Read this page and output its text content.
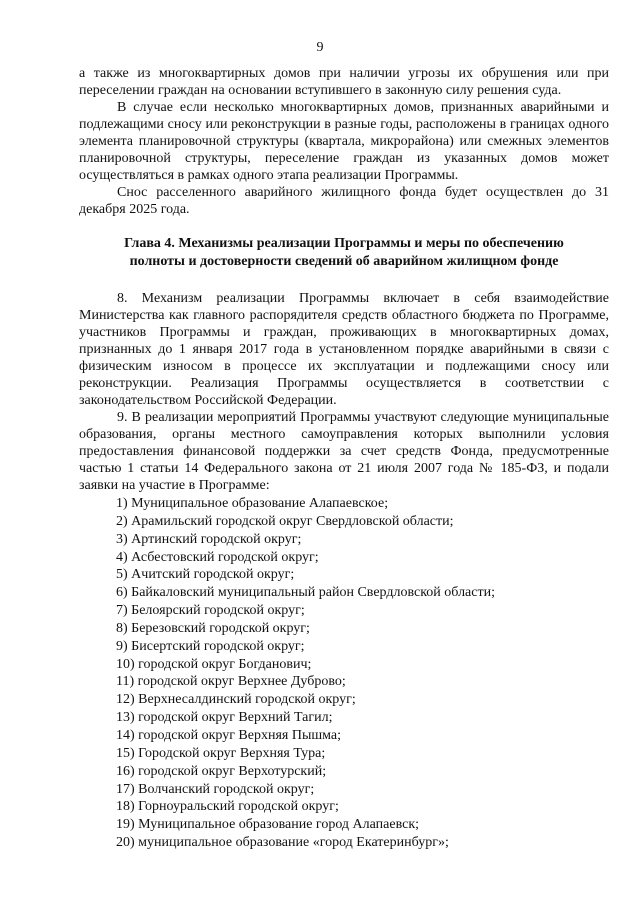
9

а также из многоквартирных домов при наличии угрозы их обрушения или при переселении граждан на основании вступившего в законную силу решения суда.

В случае если несколько многоквартирных домов, признанных аварийными и подлежащими сносу или реконструкции в разные годы, расположены в границах одного элемента планировочной структуры (квартала, микрорайона) или смежных элементов планировочной структуры, переселение граждан из указанных домов может осуществляться в рамках одного этапа реализации Программы.

Снос расселенного аварийного жилищного фонда будет осуществлен до 31 декабря 2025 года.

Глава 4. Механизмы реализации Программы и меры по обеспечению
полноты и достоверности сведений об аварийном жилищном фонде

8. Механизм реализации Программы включает в себя взаимодействие Министерства как главного распорядителя средств областного бюджета по Программе, участников Программы и граждан, проживающих в многоквартирных домах, признанных до 1 января 2017 года в установленном порядке аварийными в связи с физическим износом в процессе их эксплуатации и подлежащими сносу или реконструкции. Реализация Программы осуществляется в соответствии с законодательством Российской Федерации.

9. В реализации мероприятий Программы участвуют следующие муниципальные образования, органы местного самоуправления которых выполнили условия предоставления финансовой поддержки за счет средств Фонда, предусмотренные частью 1 статьи 14 Федерального закона от 21 июля 2007 года № 185-ФЗ, и подали заявки на участие в Программе:

1) Муниципальное образование Алапаевское;
2) Арамильский городской округ Свердловской области;
3) Артинский городской округ;
4) Асбестовский городской округ;
5) Ачитский городской округ;
6) Байкаловский муниципальный район Свердловской области;
7) Белоярский городской округ;
8) Березовский городской округ;
9) Бисертский городской округ;
10) городской округ Богданович;
11) городской округ Верхнее Дуброво;
12) Верхнесалдинский городской округ;
13) городской округ Верхний Тагил;
14) городской округ Верхняя Пышма;
15) Городской округ Верхняя Тура;
16) городской округ Верхотурский;
17) Волчанский городской округ;
18) Горноуральский городской округ;
19) Муниципальное образование город Алапаевск;
20) муниципальное образование «город Екатеринбург»;
